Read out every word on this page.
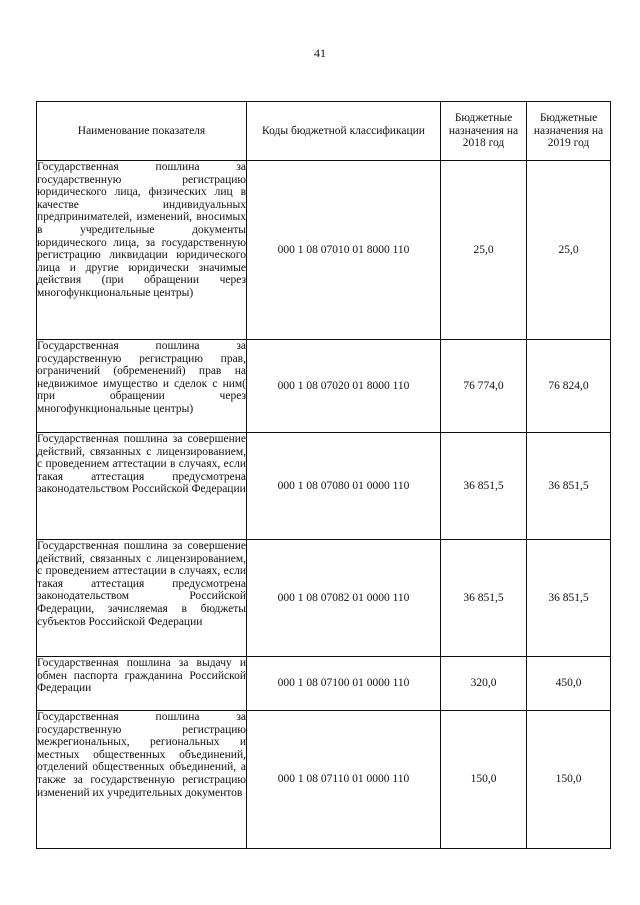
41
Наименование показателя	Коды бюджетной классификации	Бюджетные назначения на 2018 год	Бюджетные назначения на 2019 год
Государственная пошлина за государственную регистрацию юридического лица, физических лиц в качестве индивидуальных предпринимателей, изменений, вносимых в учредительные документы юридического лица, за государственную регистрацию ликвидации юридического лица и другие юридически значимые действия (при обращении через многофункциональные центры)	000 1 08 07010 01 8000 110	25,0	25,0
Государственная пошлина за государственную регистрацию прав, ограничений (обременений) прав на недвижимое имущество и сделок с ним( при обращении через многофункциональные центры)	000 1 08 07020 01 8000 110	76 774,0	76 824,0
Государственная пошлина за совершение действий, связанных с лицензированием, с проведением аттестации в случаях, если такая аттестация предусмотрена законодательством Российской Федерации	000 1 08 07080 01 0000 110	36 851,5	36 851,5
Государственная пошлина за совершение действий, связанных с лицензированием, с проведением аттестации в случаях, если такая аттестация предусмотрена законодательством Российской Федерации, зачисляемая в бюджеты субъектов Российской Федерации	000 1 08 07082 01 0000 110	36 851,5	36 851,5
Государственная пошлина за выдачу и обмен паспорта гражданина Российской Федерации	000 1 08 07100 01 0000 110	320,0	450,0
Государственная пошлина за государственную регистрацию межрегиональных, региональных и местных общественных объединений, отделений общественных объединений, а также за государственную регистрацию изменений их учредительных документов	000 1 08 07110 01 0000 110	150,0	150,0
